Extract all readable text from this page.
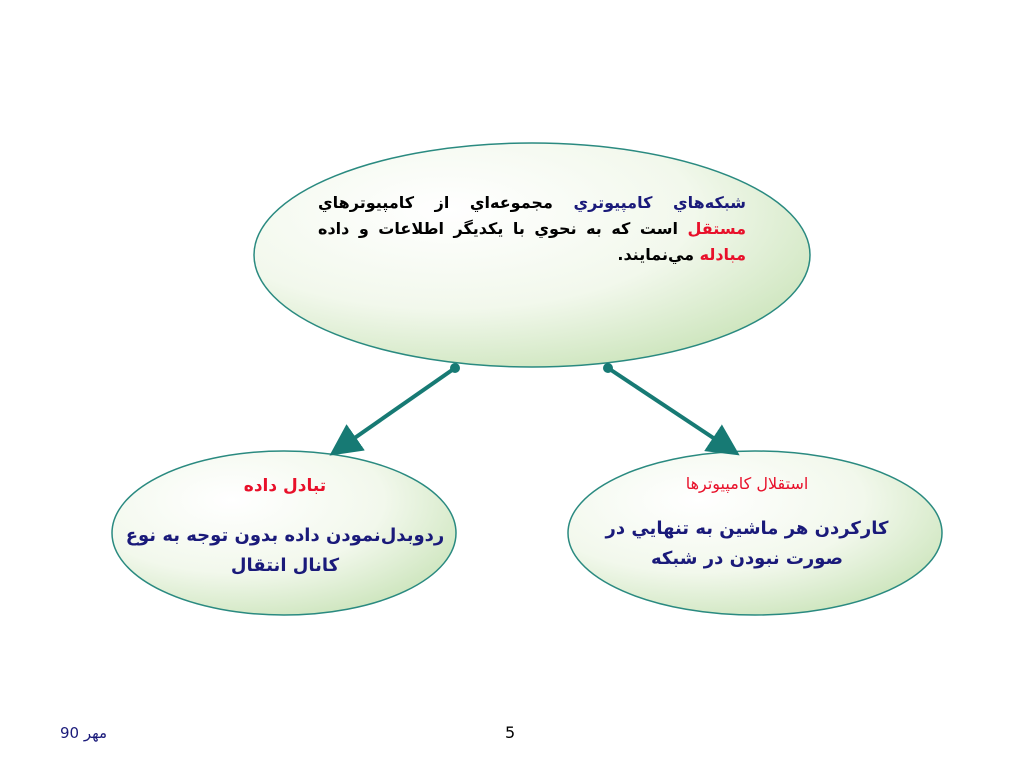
شبکه‌هاي کامپيوتري مجموعه‌اي از کامپيوترهاي مستقل است که به نحوي با يکديگر اطلاعات و داده مبادله مي‌نمايند.
تبادل داده
ردوبدل‌نمودن داده بدون توجه به نوع کانال انتقال
استقلال کامپيوترها
کارکردن هر ماشين به تنهايي در صورت نبودن در شبکه
مهر 90	5
